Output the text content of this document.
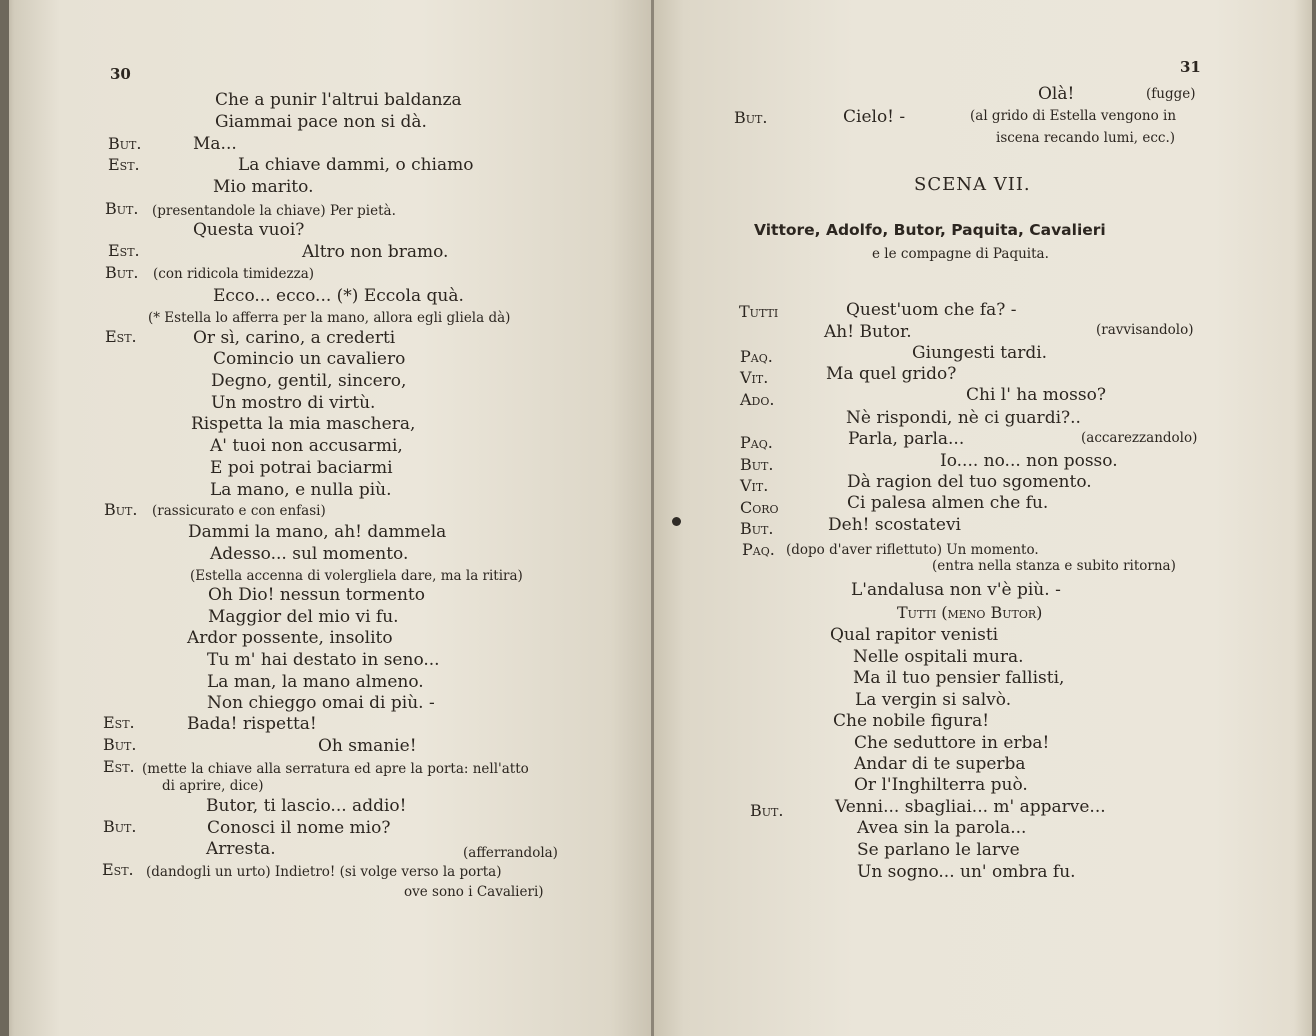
30
Che a punir l'altrui baldanza
Giammai pace non si dà.
But.	Ma...
Est.	La chiave dammi, o chiamo
Mio marito.
But. (presentandole la chiave) Per pietà.
Questa vuoi?
Est.	Altro non bramo.
But. (con ridicola timidezza)
Ecco... ecco... (*) Eccola quà.
(* Estella lo afferra per la mano, allora egli gliela dà)
Est.	Or sì, carino, a crederti
Comincio un cavaliero
Degno, gentil, sincero,
Un mostro di virtù.
Rispetta la mia maschera,
A' tuoi non accusarmi,
E poi potrai baciarmi
La mano, e nulla più.
But. (rassicurato e con enfasi)
Dammi la mano, ah! dammela
Adesso... sul momento.
(Estella accenna di volergliela dare, ma la ritira)
Oh Dio! nessun tormento
Maggior del mio vi fu.
Ardor possente, insolito
Tu m' hai destato in seno...
La man, la mano almeno.
Non chieggo omai di più. -
Est.	Bada! rispetta!
But.	Oh smanie!
Est. (mette la chiave alla serratura ed apre la porta: nell'atto
di aprire, dice)
Butor, ti lascio... addio!
But.	Conosci il nome mio?
Arresta.	(afferrandola)
Est. (dandogli un urto) Indietro! (si volge verso la porta)
ove sono i Cavalieri)
31
Olà!	(fugge)
But.	Cielo! -	(al grido di Estella vengono in
iscena recando lumi, ecc.)
SCENA VII.
Vittore, Adolfo, Butor, Paquita, Cavalieri
e le compagne di Paquita.
Tutti	Quest'uom che fa? -
Ah! Butor.	(ravvisandolo)
Paq.	Giungesti tardi.
Vit.	Ma quel grido?
Ado.	Chi l' ha mosso?
Nè rispondi, nè ci guardi?..
Paq.	Parla, parla...	(accarezzandolo)
But.	Io.... no... non posso.
Vit.	Dà ragion del tuo sgomento.
Coro	Ci palesa almen che fu.
But.	Deh! scostatevi
Paq. (dopo d'aver riflettuto) Un momento.
(entra nella stanza e subito ritorna)
L'andalusa non v'è più. -
Tutti (meno Butor)
Qual rapitor venisti
Nelle ospitali mura.
Ma il tuo pensier fallisti,
La vergin si salvò.
Che nobile figura!
Che seduttore in erba!
Andar di te superba
Or l'Inghilterra può.
But.	Venni... sbagliai... m' apparve...
Avea sin la parola...
Se parlano le larve
Un sogno... un' ombra fu.
